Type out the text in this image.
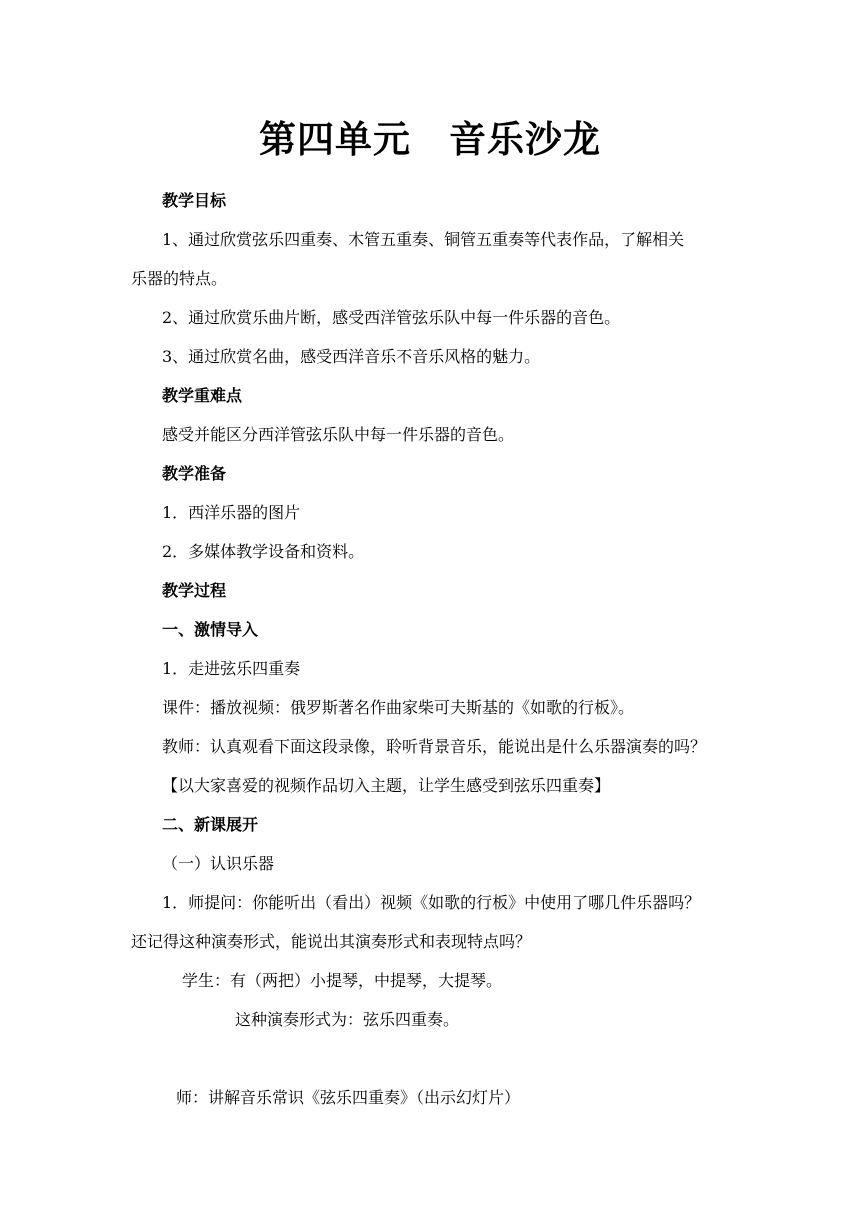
第四单元　音乐沙龙
教学目标
1、通过欣赏弦乐四重奏、木管五重奏、铜管五重奏等代表作品，了解相关
乐器的特点。
2、通过欣赏乐曲片断，感受西洋管弦乐队中每一件乐器的音色。
3、通过欣赏名曲，感受西洋音乐不音乐风格的魅力。
教学重难点
感受并能区分西洋管弦乐队中每一件乐器的音色。
教学准备
1．西洋乐器的图片
2．多媒体教学设备和资料。
教学过程
一、激情导入
1．走进弦乐四重奏
课件：播放视频：俄罗斯著名作曲家柴可夫斯基的《如歌的行板》。
教师：认真观看下面这段录像，聆听背景音乐，能说出是什么乐器演奏的吗？
【以大家喜爱的视频作品切入主题，让学生感受到弦乐四重奏】
二、新课展开
（一）认识乐器
1．师提问：你能听出（看出）视频《如歌的行板》中使用了哪几件乐器吗？
还记得这种演奏形式，能说出其演奏形式和表现特点吗？
学生：有（两把）小提琴，中提琴，大提琴。
这种演奏形式为：弦乐四重奏。
师：讲解音乐常识《弦乐四重奏》（出示幻灯片）
